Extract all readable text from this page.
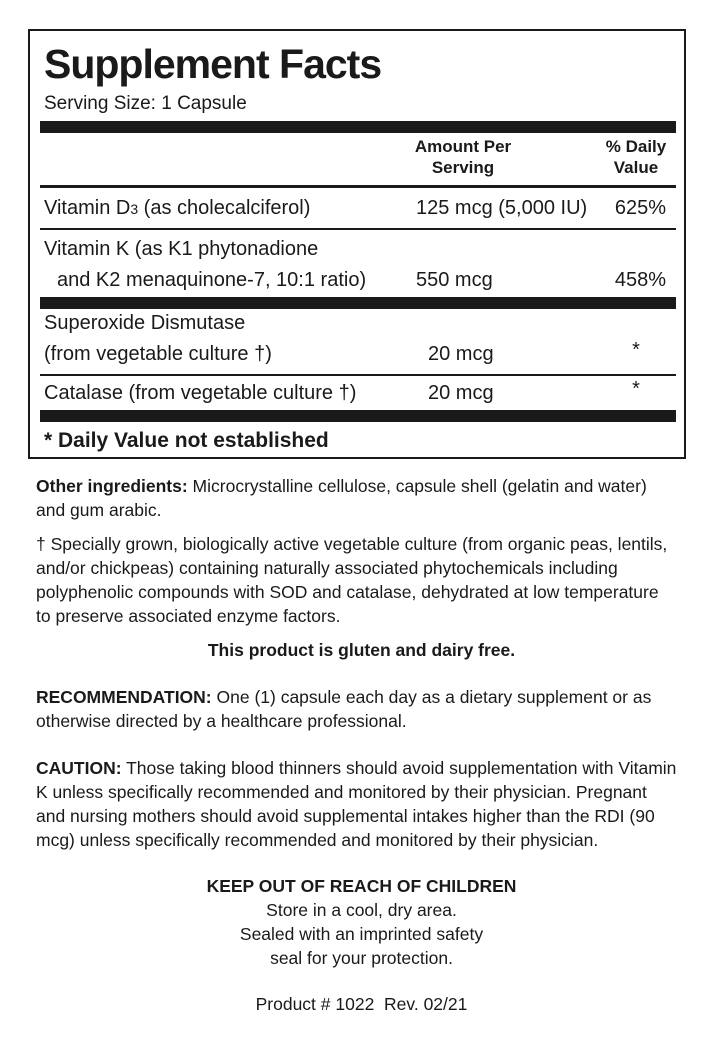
Supplement Facts
Serving Size: 1 Capsule
Amount Per
Serving
% Daily
Value
Vitamin D3 (as cholecalciferol)	125 mcg (5,000 IU)	625%
Vitamin K (as K1 phytonadione
and K2 menaquinone-7, 10:1 ratio) 550 mcg	458%
Superoxide Dismutase
(from vegetable culture †)	20 mcg	*
Catalase (from vegetable culture †)	20 mcg	*
* Daily Value not established
Other ingredients: Microcrystalline cellulose, capsule shell (gelatin and water)
and gum arabic.
† Specially grown, biologically active vegetable culture (from organic peas, lentils,
and/or chickpeas) containing naturally associated phytochemicals including
polyphenolic compounds with SOD and catalase, dehydrated at low temperature
to preserve associated enzyme factors.
This product is gluten and dairy free.
RECOMMENDATION: One (1) capsule each day as a dietary supplement or as
otherwise directed by a healthcare professional.
CAUTION: Those taking blood thinners should avoid supplementation with Vitamin
K unless specifically recommended and monitored by their physician. Pregnant
and nursing mothers should avoid supplemental intakes higher than the RDI (90
mcg) unless specifically recommended and monitored by their physician.
KEEP OUT OF REACH OF CHILDREN
Store in a cool, dry area.
Sealed with an imprinted safety
seal for your protection.
Product # 1022  Rev. 02/21
